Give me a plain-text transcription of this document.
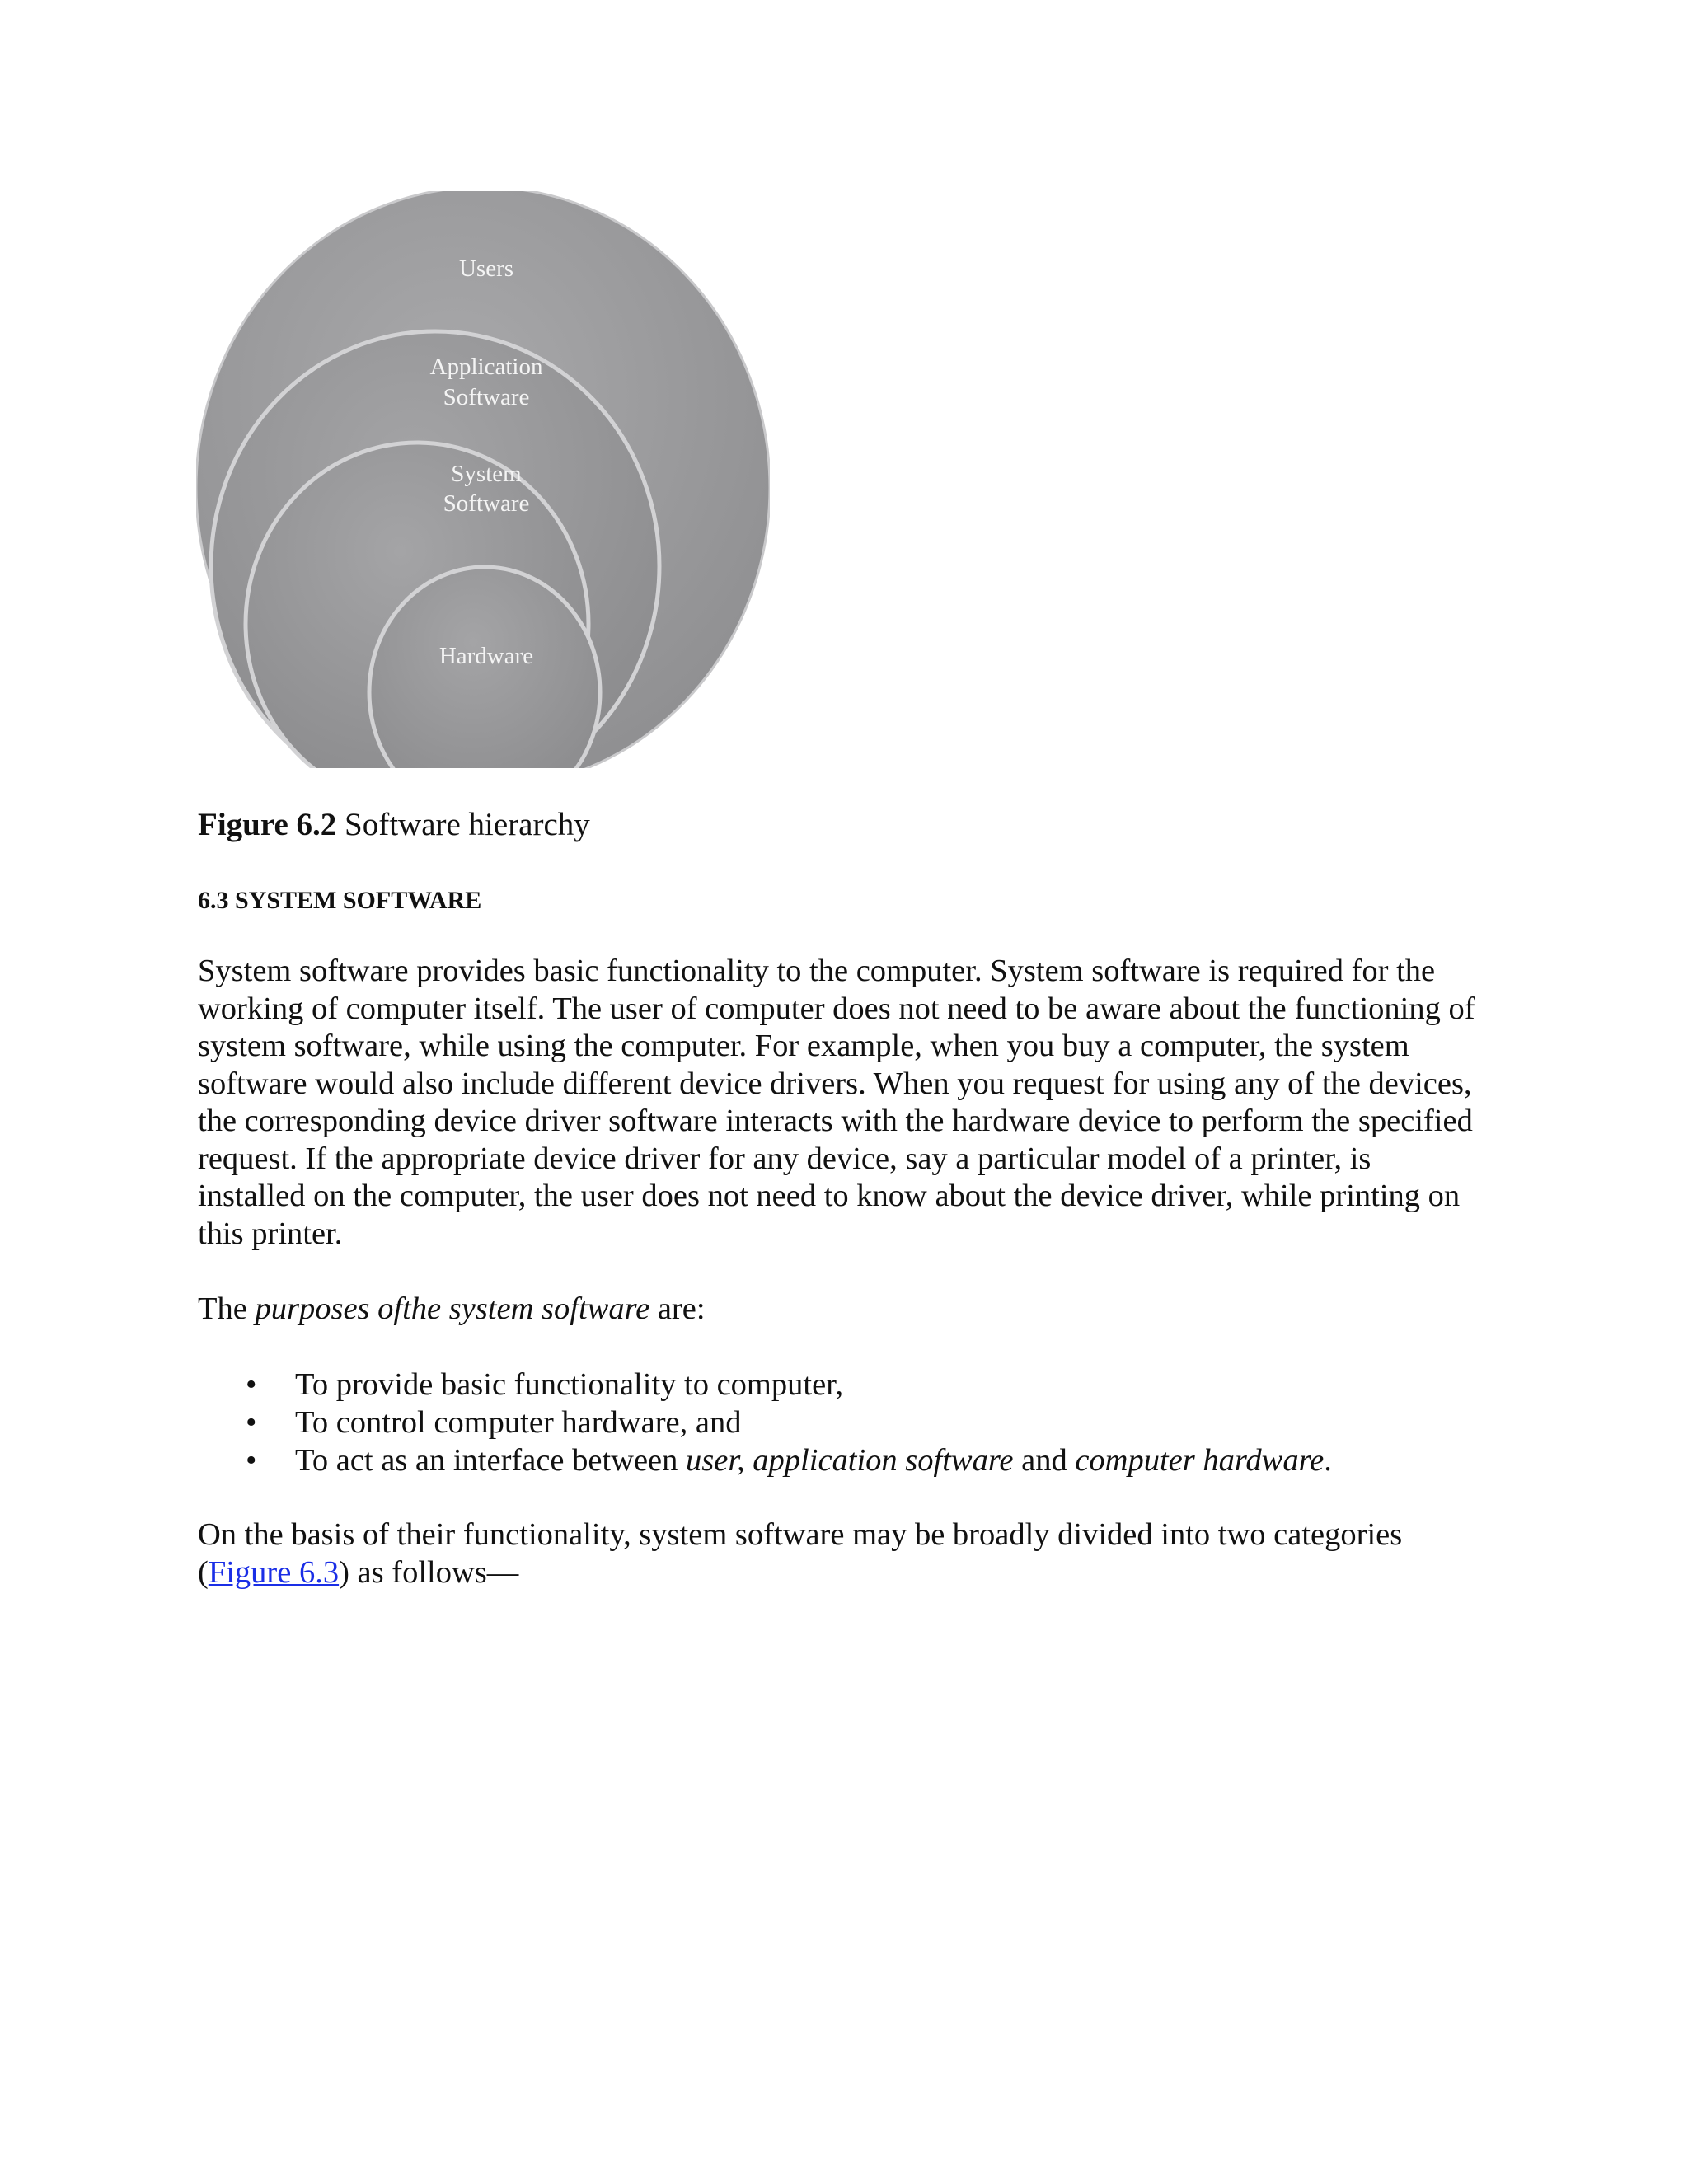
Users
Application
Software
System
Software
Hardware

Figure 6.2 Software hierarchy

6.3 SYSTEM SOFTWARE

System software provides basic functionality to the computer. System software is required for the working of computer itself. The user of computer does not need to be aware about the functioning of system software, while using the computer. For example, when you buy a computer, the system software would also include different device drivers. When you request for using any of the devices, the corresponding device driver software interacts with the hardware device to perform the specified request. If the appropriate device driver for any device, say a particular model of a printer, is installed on the computer, the user does not need to know about the device driver, while printing on this printer.

The purposes ofthe system software are:

• To provide basic functionality to computer,
• To control computer hardware, and
• To act as an interface between user, application software and computer hardware.

On the basis of their functionality, system software may be broadly divided into two categories (Figure 6.3) as follows—
